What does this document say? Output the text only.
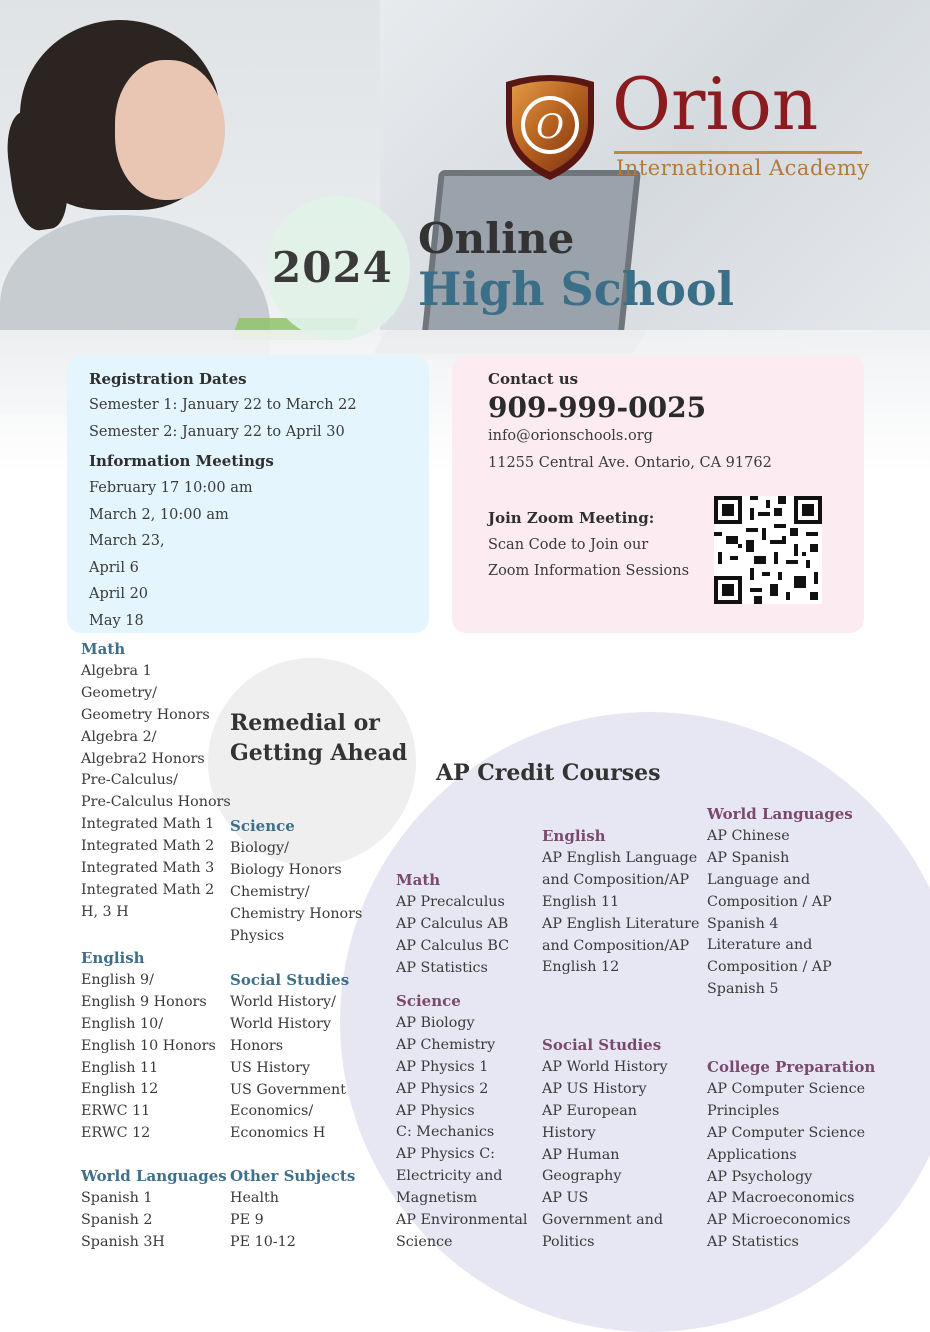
O Orion
International Academy
2024
Online
High School
Registration Dates
Semester 1: January 22 to March 22
Semester 2: January 22 to April 30
Information Meetings
February 17 10:00 am
March 2, 10:00 am
March 23,
April 6
April 20
May 18
Contact us
909-999-0025
info@orionschools.org
11255 Central Ave. Ontario, CA 91762
Join Zoom Meeting:
Scan Code to Join our
Zoom Information Sessions
Remedial or
Getting Ahead
AP Credit Courses
Math
Algebra 1
Geometry/
Geometry Honors
Algebra 2/
Algebra2 Honors
Pre-Calculus/
Pre-Calculus Honors
Integrated Math 1
Integrated Math 2
Integrated Math 3
Integrated Math 2
H, 3 H
English
English 9/
English 9 Honors
English 10/
English 10 Honors
English 11
English 12
ERWC 11
ERWC 12
World Languages
Spanish 1
Spanish 2
Spanish 3H
Science
Biology/
Biology Honors
Chemistry/
Chemistry Honors
Physics
Social Studies
World History/
World History
Honors
US History
US Government
Economics/
Economics H
Other Subjects
Health
PE 9
PE 10-12
Math
AP Precalculus
AP Calculus AB
AP Calculus BC
AP Statistics
Science
AP Biology
AP Chemistry
AP Physics 1
AP Physics 2
AP Physics
C: Mechanics
AP Physics C:
Electricity and
Magnetism
AP Environmental
Science
English
AP English Language
and Composition/AP
English 11
AP English Literature
and Composition/AP
English 12
Social Studies
AP World History
AP US History
AP European
History
AP Human
Geography
AP US
Government and
Politics
World Languages
AP Chinese
AP Spanish
Language and
Composition / AP
Spanish 4
Literature and
Composition / AP
Spanish 5
College Preparation
AP Computer Science
Principles
AP Computer Science
Applications
AP Psychology
AP Macroeconomics
AP Microeconomics
AP Statistics
